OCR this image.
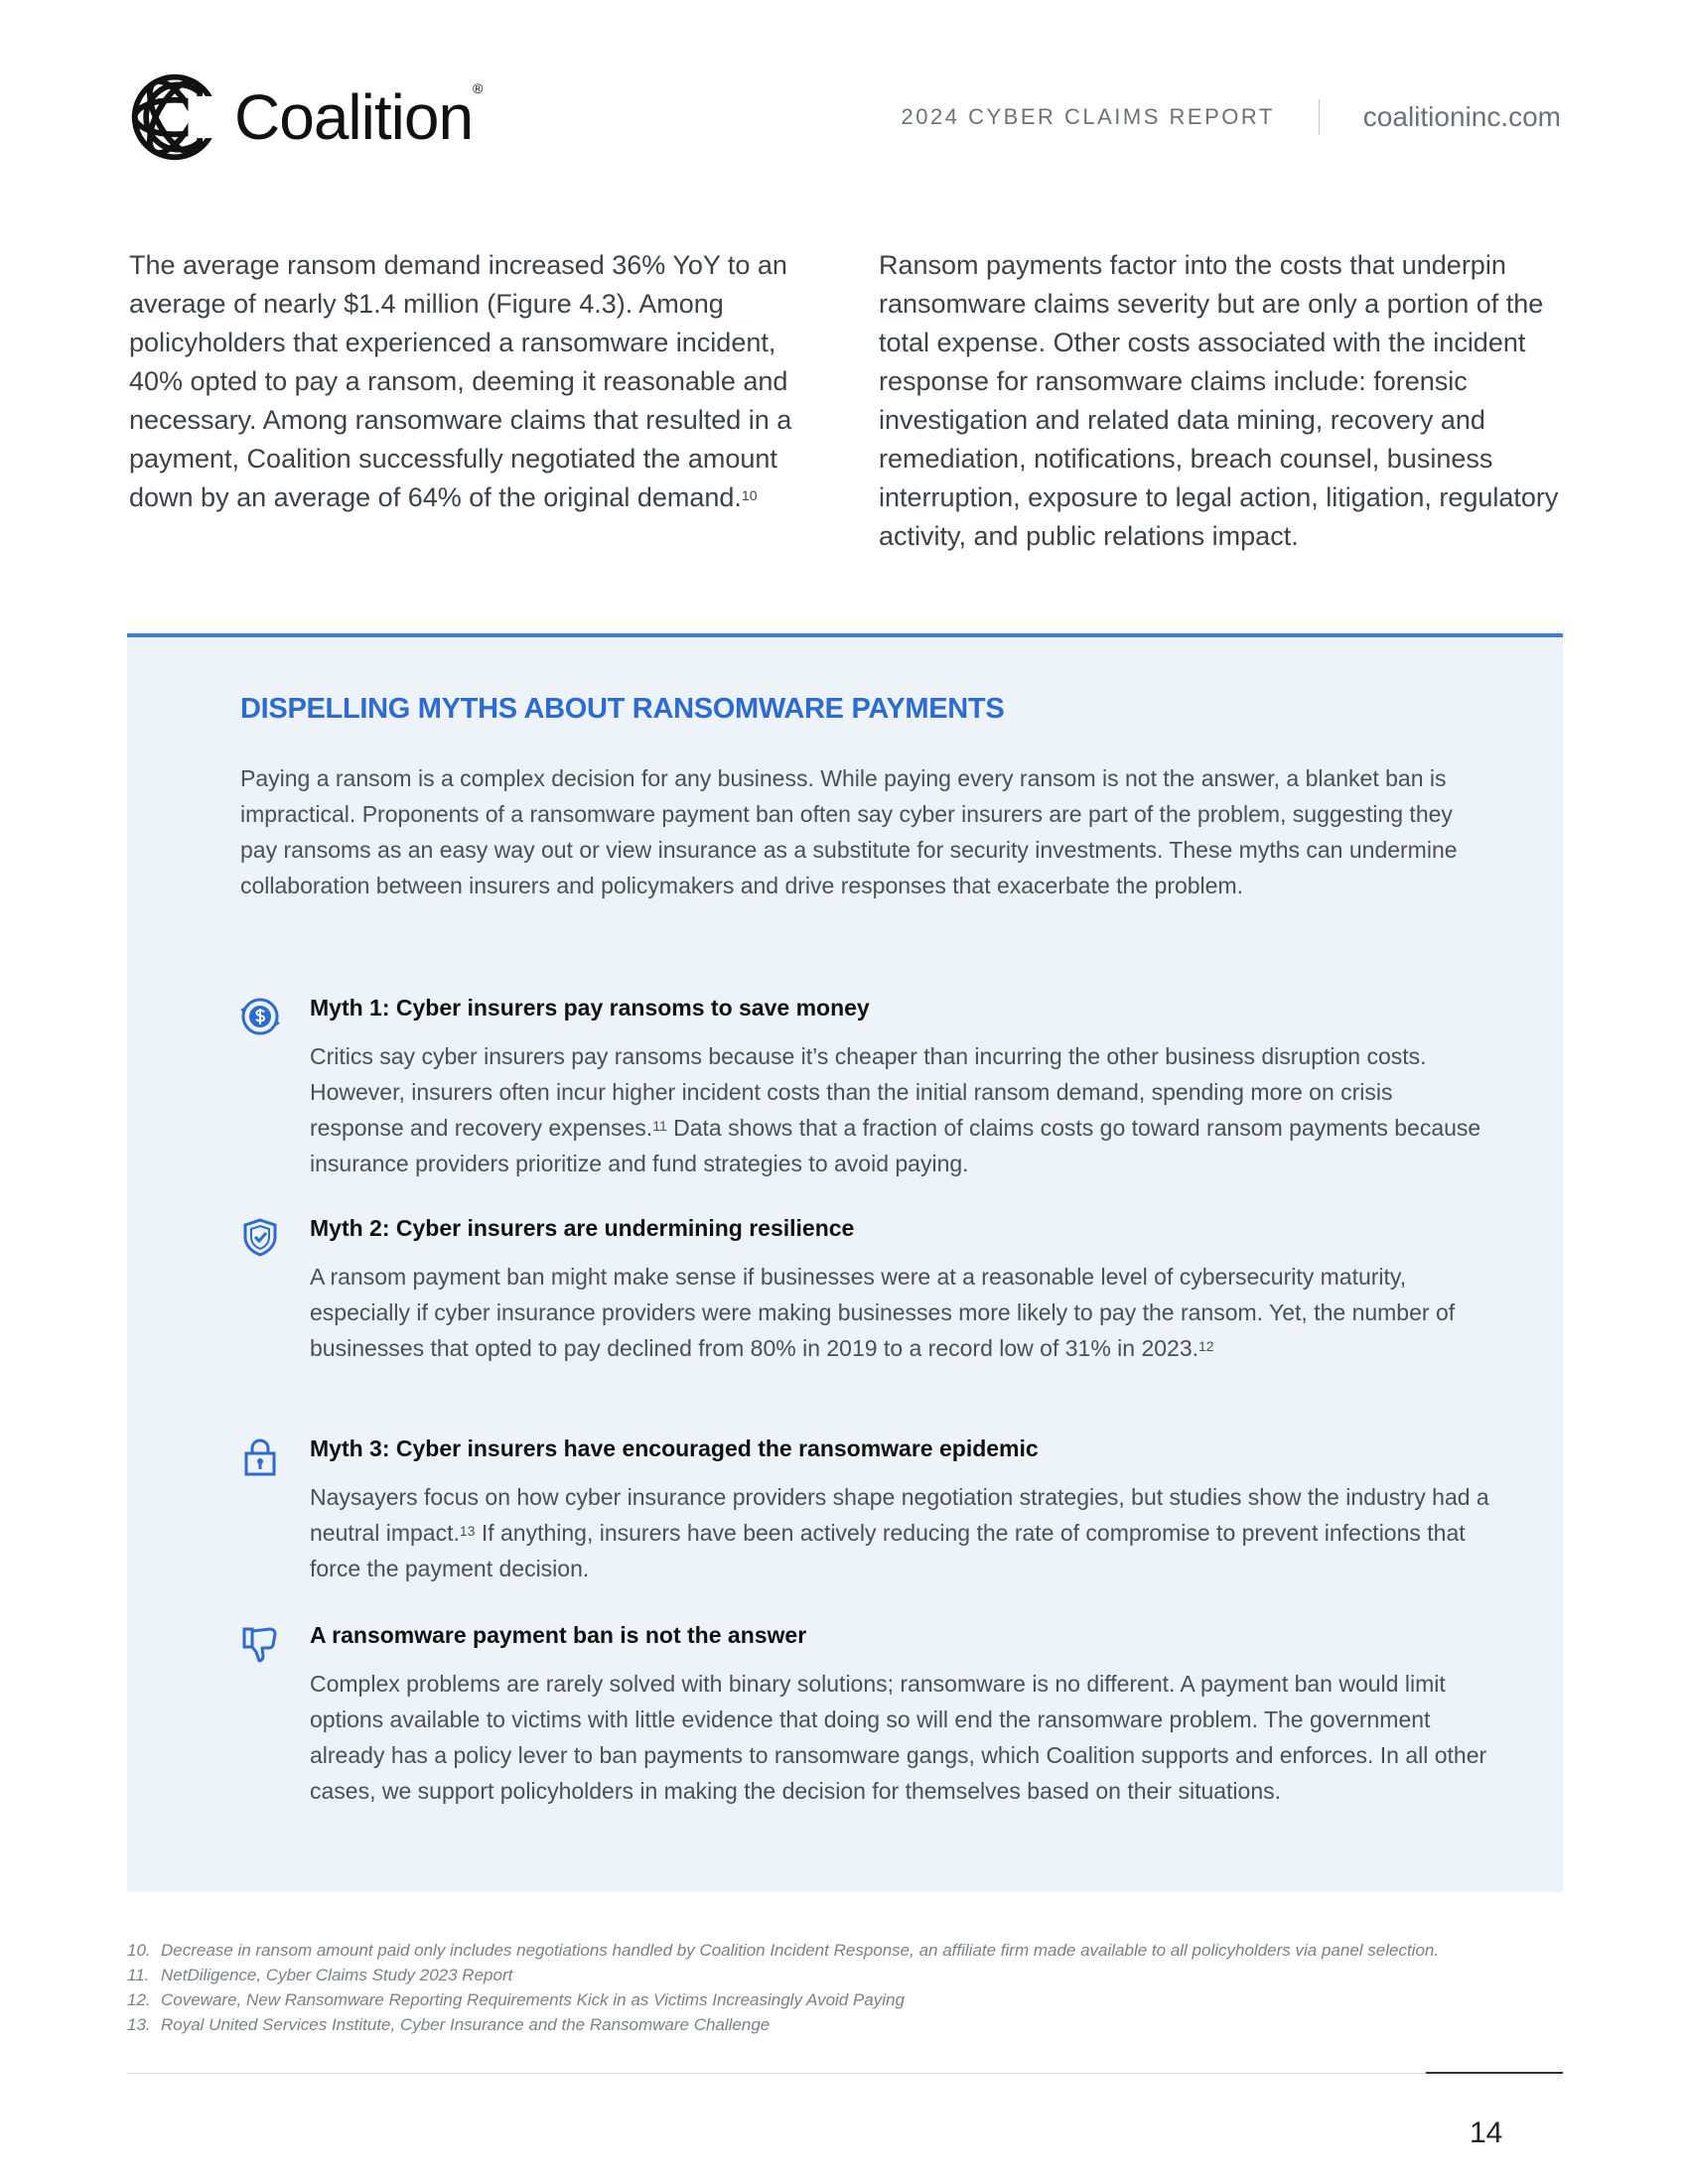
Coalition®
2024 CYBER CLAIMS REPORT	coalitioninc.com
The average ransom demand increased 36% YoY to an average of nearly $1.4 million (Figure 4.3). Among policyholders that experienced a ransomware incident, 40% opted to pay a ransom, deeming it reasonable and necessary. Among ransomware claims that resulted in a payment, Coalition successfully negotiated the amount down by an average of 64% of the original demand.$^{10}$
Ransom payments factor into the costs that underpin ransomware claims severity but are only a portion of the total expense. Other costs associated with the incident response for ransomware claims include: forensic investigation and related data mining, recovery and remediation, notifications, breach counsel, business interruption, exposure to legal action, litigation, regulatory activity, and public relations impact.
DISPELLING MYTHS ABOUT RANSOMWARE PAYMENTS
Paying a ransom is a complex decision for any business. While paying every ransom is not the answer, a blanket ban is impractical. Proponents of a ransomware payment ban often say cyber insurers are part of the problem, suggesting they pay ransoms as an easy way out or view insurance as a substitute for security investments. These myths can undermine collaboration between insurers and policymakers and drive responses that exacerbate the problem.
Myth 1: Cyber insurers pay ransoms to save money
Critics say cyber insurers pay ransoms because it’s cheaper than incurring the other business disruption costs. However, insurers often incur higher incident costs than the initial ransom demand, spending more on crisis response and recovery expenses.$^{11}$ Data shows that a fraction of claims costs go toward ransom payments because insurance providers prioritize and fund strategies to avoid paying.
Myth 2: Cyber insurers are undermining resilience
A ransom payment ban might make sense if businesses were at a reasonable level of cybersecurity maturity, especially if cyber insurance providers were making businesses more likely to pay the ransom. Yet, the number of businesses that opted to pay declined from 80% in 2019 to a record low of 31% in 2023.12
Myth 3: Cyber insurers have encouraged the ransomware epidemic
Naysayers focus on how cyber insurance providers shape negotiation strategies, but studies show the industry had a neutral impact.$^{13}$ If anything, insurers have been actively reducing the rate of compromise to prevent infections that force the payment decision.
A ransomware payment ban is not the answer
Complex problems are rarely solved with binary solutions; ransomware is no different. A payment ban would limit options available to victims with little evidence that doing so will end the ransomware problem. The government already has a policy lever to ban payments to ransomware gangs, which Coalition supports and enforces. In all other cases, we support policyholders in making the decision for themselves based on their situations.
10. Decrease in ransom amount paid only includes negotiations handled by Coalition Incident Response, an affiliate firm made available to all policyholders via panel selection.
11. NetDiligence, Cyber Claims Study 2023 Report
12. Coveware, New Ransomware Reporting Requirements Kick in as Victims Increasingly Avoid Paying
13. Royal United Services Institute, Cyber Insurance and the Ransomware Challenge
14
